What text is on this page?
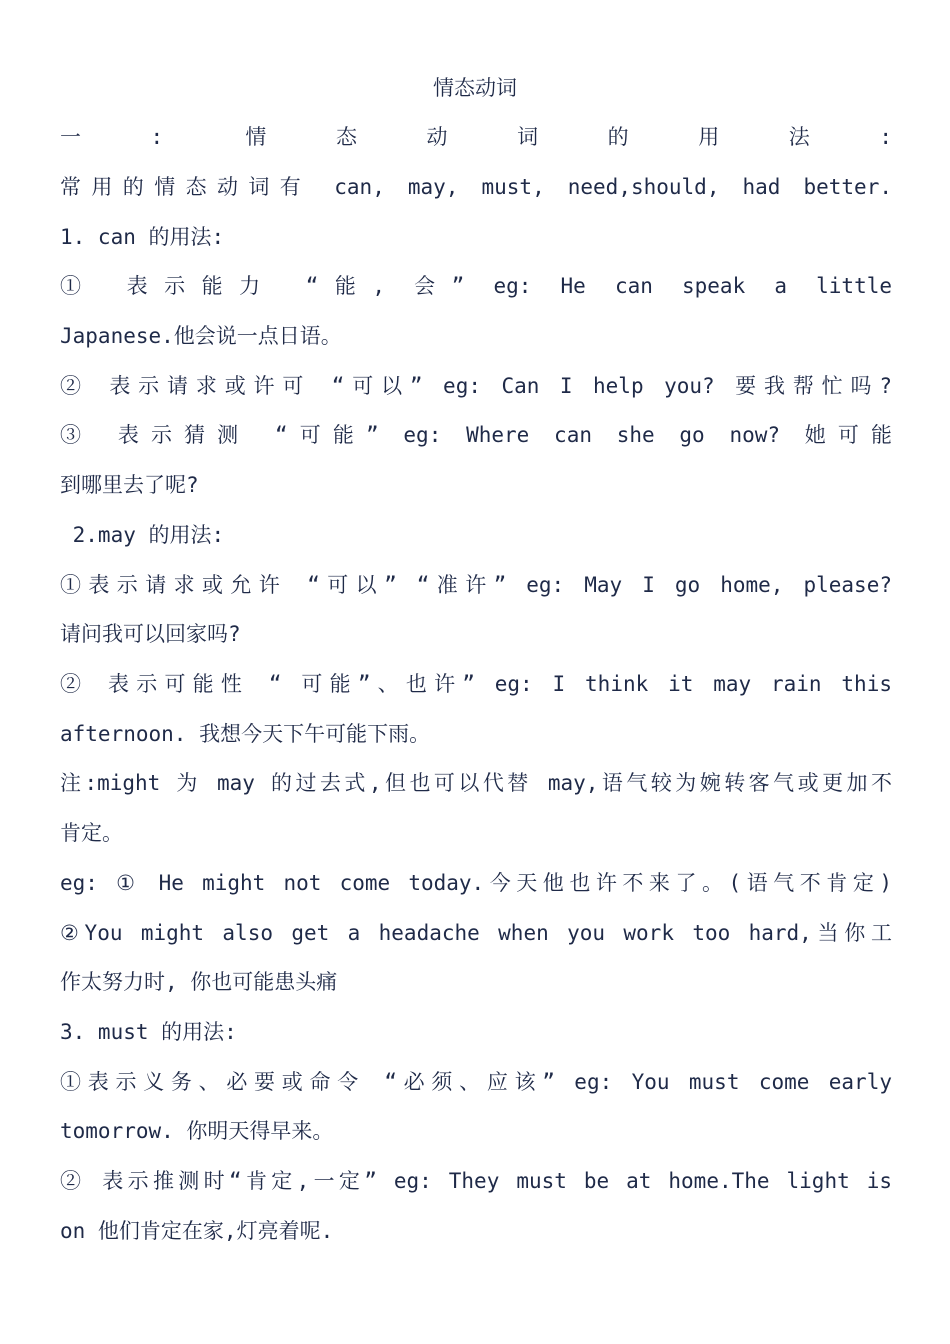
情态动词
一: 情态动词的用法:
常用的情态动词有 can, may, must, need,should, had better.
1. can 的用法:
① 表示能力 “能, 会” eg: He can speak a little
Japanese.他会说一点日语。
② 表示请求或许可 “可以” eg: Can I help you? 要我帮忙吗?
③ 表示猜测 “可能” eg: Where can she go now? 她可能
到哪里去了呢?
2.may 的用法:
①表示请求或允许 “可以” “准许” eg: May I go home, please?
请问我可以回家吗?
② 表示可能性 “ 可能”、也许” eg: I think it may rain this
afternoon. 我想今天下午可能下雨。
注:might 为 may 的过去式,但也可以代替 may,语气较为婉转客气或更加不
肯定。
eg: ① He might not come today.今天他也许不来了。(语气不肯定)
②You might also get a headache when you work too hard,当你工
作太努力时, 你也可能患头痛
3. must 的用法:
①表示义务、必要或命令 “必须、应该” eg: You must come early
tomorrow. 你明天得早来。
② 表示推测时“肯定,一定” eg: They must be at home.The light is
on 他们肯定在家,灯亮着呢.
